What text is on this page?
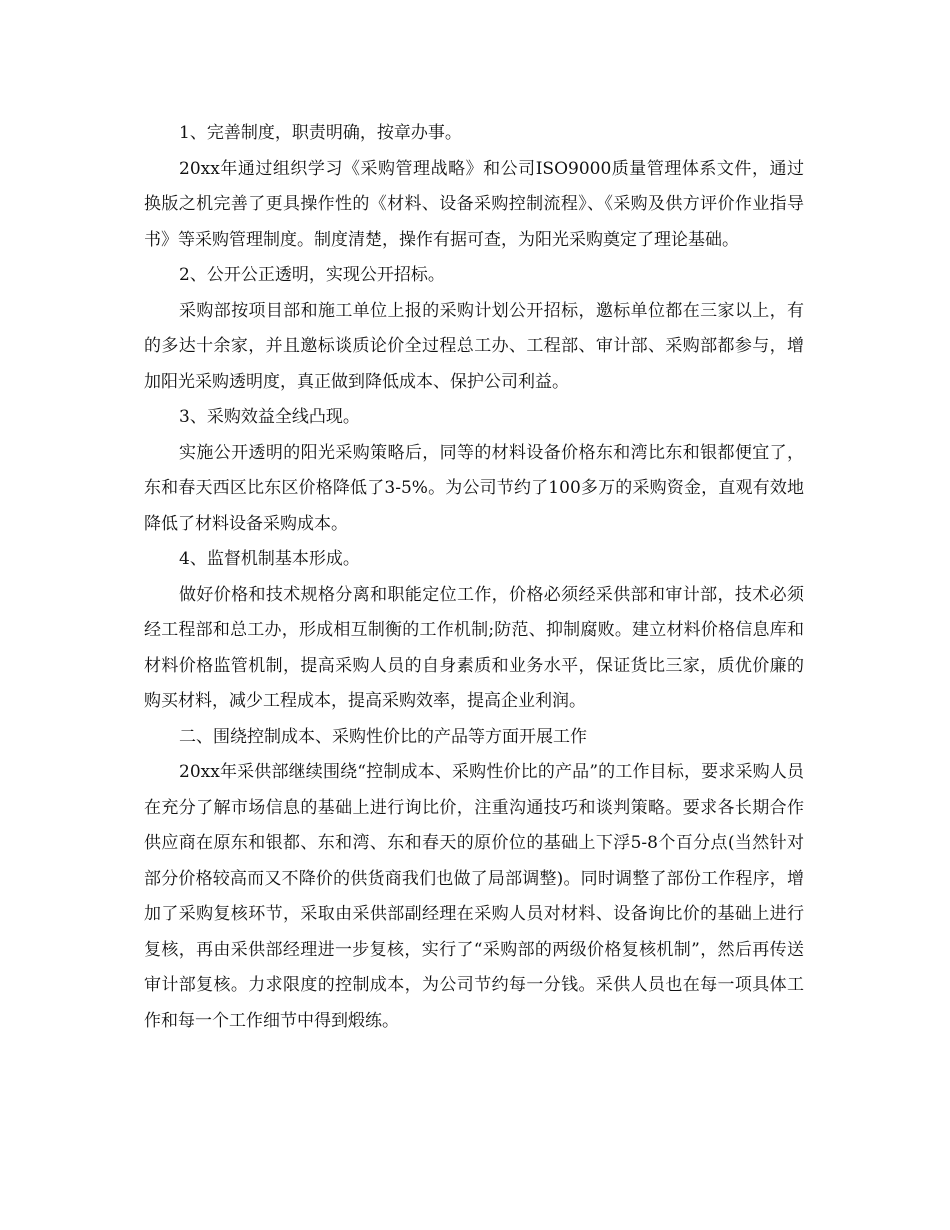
1、完善制度，职责明确，按章办事。

20xx年通过组织学习《采购管理战略》和公司ISO9000质量管理体系文件，通过换版之机完善了更具操作性的《材料、设备采购控制流程》、《采购及供方评价作业指导书》等采购管理制度。制度清楚，操作有据可查，为阳光采购奠定了理论基础。

2、公开公正透明，实现公开招标。

采购部按项目部和施工单位上报的采购计划公开招标，邀标单位都在三家以上，有的多达十余家，并且邀标谈质论价全过程总工办、工程部、审计部、采购部都参与，增加阳光采购透明度，真正做到降低成本、保护公司利益。

3、采购效益全线凸现。

实施公开透明的阳光采购策略后，同等的材料设备价格东和湾比东和银都便宜了，东和春天西区比东区价格降低了3-5%。为公司节约了100多万的采购资金，直观有效地降低了材料设备采购成本。

4、监督机制基本形成。

做好价格和技术规格分离和职能定位工作，价格必须经采供部和审计部，技术必须经工程部和总工办，形成相互制衡的工作机制;防范、抑制腐败。建立材料价格信息库和材料价格监管机制，提高采购人员的自身素质和业务水平，保证货比三家，质优价廉的购买材料，减少工程成本，提高采购效率，提高企业利润。

二、围绕控制成本、采购性价比的产品等方面开展工作

20xx年采供部继续围绕“控制成本、采购性价比的产品”的工作目标，要求采购人员在充分了解市场信息的基础上进行询比价，注重沟通技巧和谈判策略。要求各长期合作供应商在原东和银都、东和湾、东和春天的原价位的基础上下浮5-8个百分点(当然针对部分价格较高而又不降价的供货商我们也做了局部调整)。同时调整了部份工作程序，增加了采购复核环节，采取由采供部副经理在采购人员对材料、设备询比价的基础上进行复核，再由采供部经理进一步复核，实行了“采购部的两级价格复核机制”，然后再传送审计部复核。力求限度的控制成本，为公司节约每一分钱。采供人员也在每一项具体工作和每一个工作细节中得到煅练。
